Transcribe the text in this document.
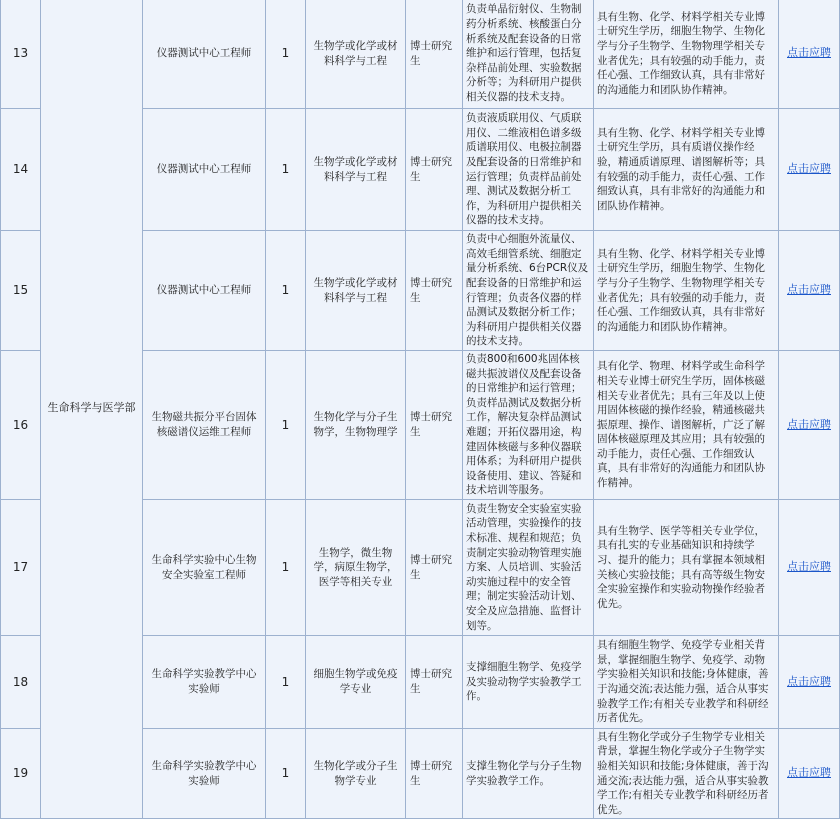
13	生命科学与医学部	仪器测试中心工程师	1	生物学或化学或材料科学与工程	博士研究生	负责单晶衍射仪、生物制药分析系统、核酸蛋白分析系统及配套设备的日常维护和运行管理，包括复杂样品前处理、实验数据分析等；为科研用户提供相关仪器的技术支持。	具有生物、化学、材料学相关专业博士研究生学历，细胞生物学、生物化学与分子生物学、生物物理学相关专业者优先；具有较强的动手能力，责任心强、工作细致认真，具有非常好的沟通能力和团队协作精神。	点击应聘
14		仪器测试中心工程师	1	生物学或化学或材料科学与工程	博士研究生	负责液质联用仪、气质联用仪、二维液相色谱多级质谱联用仪、电极拉制器及配套设备的日常维护和运行管理；负责样品前处理、测试及数据分析工作，为科研用户提供相关仪器的技术支持。	具有生物、化学、材料学相关专业博士研究生学历，具有质谱仪操作经验，精通质谱原理、谱图解析等；具有较强的动手能力，责任心强、工作细致认真，具有非常好的沟通能力和团队协作精神。	点击应聘
15		仪器测试中心工程师	1	生物学或化学或材料科学与工程	博士研究生	负责中心细胞外流量仪、高效毛细管系统、细胞定量分析系统、6台PCR仪及配套设备的日常维护和运行管理；负责各仪器的样品测试及数据分析工作；为科研用户提供相关仪器的技术支持。	具有生物、化学、材料学相关专业博士研究生学历，细胞生物学、生物化学与分子生物学、生物物理学相关专业者优先；具有较强的动手能力，责任心强、工作细致认真，具有非常好的沟通能力和团队协作精神。	点击应聘
16		生物磁共振分平台固体核磁谱仪运维工程师	1	生物化学与分子生物学，生物物理学	博士研究生	负责800和600兆固体核磁共振波谱仪及配套设备的日常维护和运行管理；负责样品测试及数据分析工作，解决复杂样品测试难题；开拓仪器用途，构建固体核磁与多种仪器联用体系；为科研用户提供设备使用、建议、答疑和技术培训等服务。	具有化学、物理、材料学或生命科学相关专业博士研究生学历，固体核磁相关专业者优先；具有三年及以上使用固体核磁的操作经验，精通核磁共振原理、操作、谱图解析，广泛了解固体核磁原理及其应用；具有较强的动手能力，责任心强、工作细致认真，具有非常好的沟通能力和团队协作精神。	点击应聘
17		生命科学实验中心生物安全实验室工程师	1	生物学，微生物学，病原生物学，医学等相关专业	博士研究生	负责生物安全实验室实验活动管理，实验操作的技术标准、规程和规范；负责制定实验动物管理实施方案、人员培训、实验活动实施过程中的安全管理；制定实验活动计划、安全及应急措施、监督计划等。	具有生物学、医学等相关专业学位，具有扎实的专业基础知识和持续学习、提升的能力；具有掌握本领域相关核心实验技能；具有高等级生物安全实验室操作和实验动物操作经验者优先。	点击应聘
18		生命科学实验教学中心实验师	1	细胞生物学或免疫学专业	博士研究生	支撑细胞生物学、免疫学及实验动物学实验教学工作。	具有细胞生物学、免疫学专业相关背景，掌握细胞生物学、免疫学、动物学实验相关知识和技能;身体健康，善于沟通交流;表达能力强，适合从事实验教学工作;有相关专业教学和科研经历者优先。	点击应聘
19		生命科学实验教学中心实验师	1	生物化学或分子生物学专业	博士研究生	支撑生物化学与分子生物学实验教学工作。	具有生物化学或分子生物学专业相关背景，掌握生物化学或分子生物学实验相关知识和技能;身体健康，善于沟通交流;表达能力强，适合从事实验教学工作;有相关专业教学和科研经历者优先。	点击应聘
